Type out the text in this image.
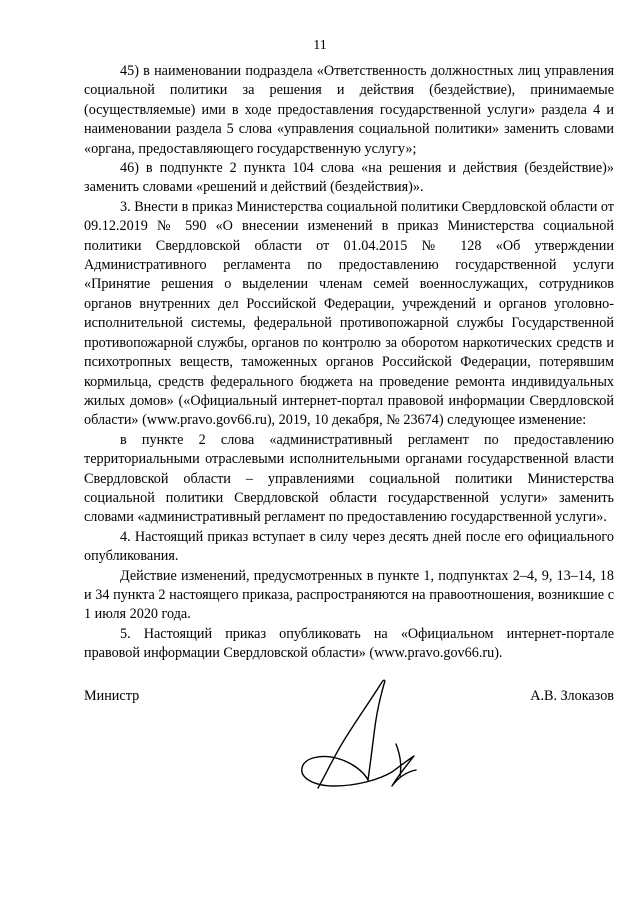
11

45) в наименовании подраздела «Ответственность должностных лиц управления социальной политики за решения и действия (бездействие), принимаемые (осуществляемые) ими в ходе предоставления государственной услуги» раздела 4 и наименовании раздела 5 слова «управления социальной политики» заменить словами «органа, предоставляющего государственную услугу»;

46) в подпункте 2 пункта 104 слова «на решения и действия (бездействие)» заменить словами «решений и действий (бездействия)».

3. Внести в приказ Министерства социальной политики Свердловской области от 09.12.2019 № 590 «О внесении изменений в приказ Министерства социальной политики Свердловской области от 01.04.2015 № 128 «Об утверждении Административного регламента по предоставлению государственной услуги «Принятие решения о выделении членам семей военнослужащих, сотрудников органов внутренних дел Российской Федерации, учреждений и органов уголовно-исполнительной системы, федеральной противопожарной службы Государственной противопожарной службы, органов по контролю за оборотом наркотических средств и психотропных веществ, таможенных органов Российской Федерации, потерявшим кормильца, средств федерального бюджета на проведение ремонта индивидуальных жилых домов» («Официальный интернет-портал правовой информации Свердловской области» (www.pravo.gov66.ru), 2019, 10 декабря, № 23674) следующее изменение:

в пункте 2 слова «административный регламент по предоставлению территориальными отраслевыми исполнительными органами государственной власти Свердловской области – управлениями социальной политики Министерства социальной политики Свердловской области государственной услуги» заменить словами «административный регламент по предоставлению государственной услуги».

4. Настоящий приказ вступает в силу через десять дней после его официального опубликования.

Действие изменений, предусмотренных в пункте 1, подпунктах 2–4, 9, 13–14, 18 и 34 пункта 2 настоящего приказа, распространяются на правоотношения, возникшие с 1 июля 2020 года.

5. Настоящий приказ опубликовать на «Официальном интернет-портале правовой информации Свердловской области» (www.pravo.gov66.ru).

Министр	А.В. Злоказов
